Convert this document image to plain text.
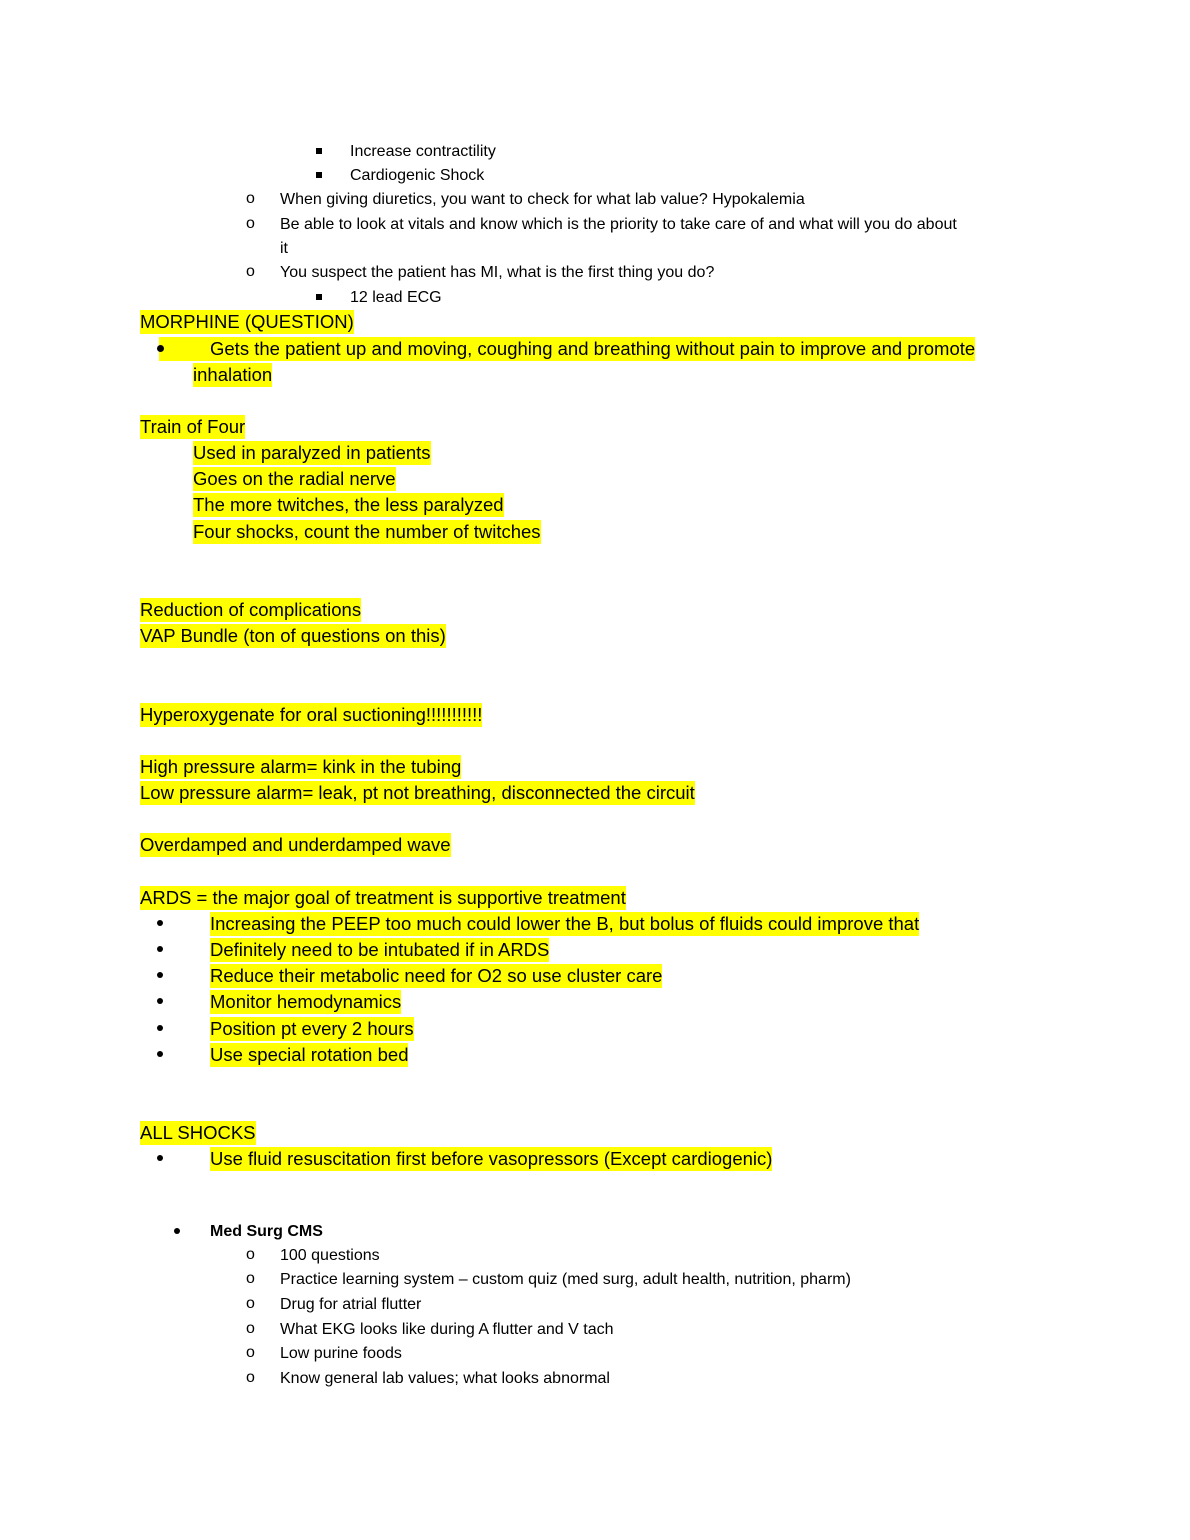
Increase contractility
Cardiogenic Shock
o When giving diuretics, you want to check for what lab value? Hypokalemia
o Be able to look at vitals and know which is the priority to take care of and what will you do about
it
o You suspect the patient has MI, what is the first thing you do?
12 lead ECG
MORPHINE (QUESTION)
Gets the patient up and moving, coughing and breathing without pain to improve and promote
inhalation
Train of Four
Used in paralyzed in patients
Goes on the radial nerve
The more twitches, the less paralyzed
Four shocks, count the number of twitches
Reduction of complications
VAP Bundle (ton of questions on this)
Hyperoxygenate for oral suctioning!!!!!!!!!!!
High pressure alarm= kink in the tubing
Low pressure alarm= leak, pt not breathing, disconnected the circuit
Overdamped and underdamped wave
ARDS = the major goal of treatment is supportive treatment
Increasing the PEEP too much could lower the B, but bolus of fluids could improve that
Definitely need to be intubated if in ARDS
Reduce their metabolic need for O2 so use cluster care
Monitor hemodynamics
Position pt every 2 hours
Use special rotation bed
ALL SHOCKS
Use fluid resuscitation first before vasopressors (Except cardiogenic)
Med Surg CMS
o 100 questions
o Practice learning system – custom quiz (med surg, adult health, nutrition, pharm)
o Drug for atrial flutter
o What EKG looks like during A flutter and V tach
o Low purine foods
o Know general lab values; what looks abnormal
